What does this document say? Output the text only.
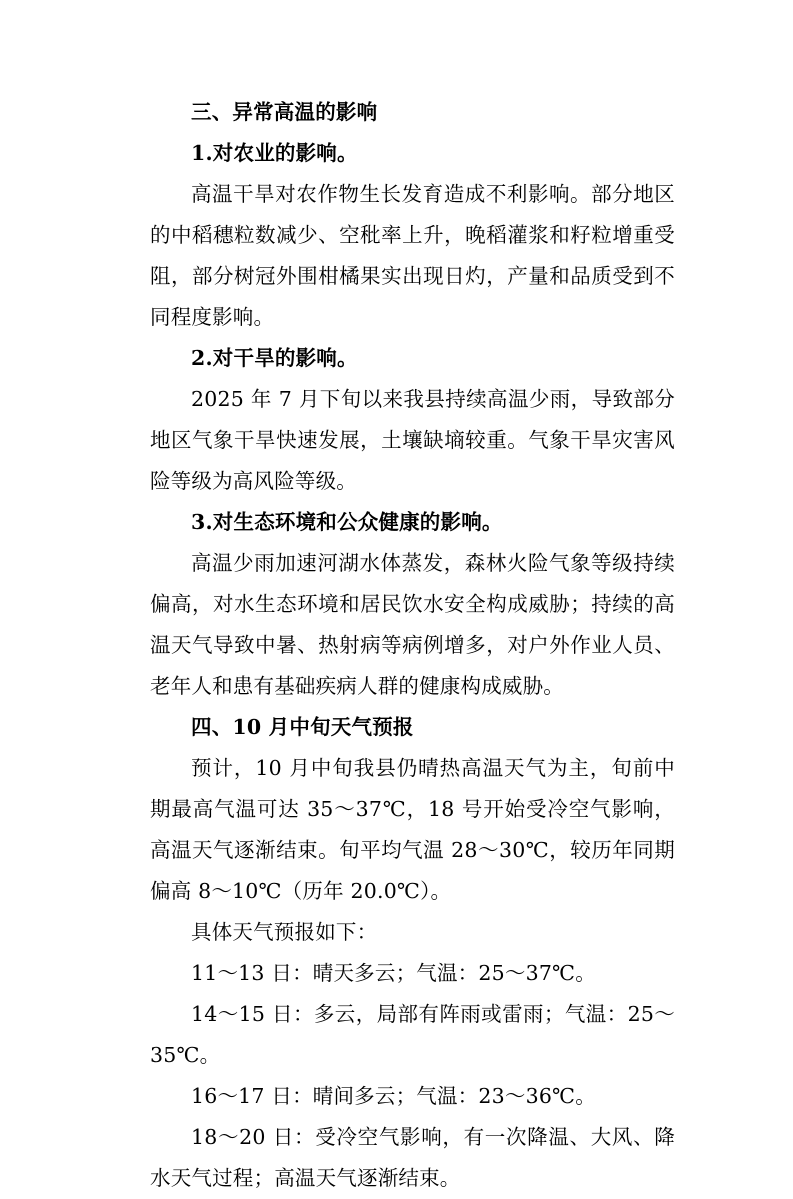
三、异常高温的影响

1.对农业的影响。

高温干旱对农作物生长发育造成不利影响。部分地区的中稻穗粒数减少、空秕率上升，晚稻灌浆和籽粒增重受阻，部分树冠外围柑橘果实出现日灼，产量和品质受到不同程度影响。

2.对干旱的影响。

2025 年 7 月下旬以来我县持续高温少雨，导致部分地区气象干旱快速发展，土壤缺墒较重。气象干旱灾害风险等级为高风险等级。

3.对生态环境和公众健康的影响。

高温少雨加速河湖水体蒸发，森林火险气象等级持续偏高，对水生态环境和居民饮水安全构成威胁；持续的高温天气导致中暑、热射病等病例增多，对户外作业人员、老年人和患有基础疾病人群的健康构成威胁。

四、10 月中旬天气预报

预计，10 月中旬我县仍晴热高温天气为主，旬前中期最高气温可达 35～37℃，18 号开始受冷空气影响，高温天气逐渐结束。旬平均气温 28～30℃，较历年同期偏高 8～10℃（历年 20.0℃）。

具体天气预报如下：

11～13 日：晴天多云；气温：25～37℃。

14～15 日：多云，局部有阵雨或雷雨；气温：25～35℃。

16～17 日：晴间多云；气温：23～36℃。

18～20 日：受冷空气影响，有一次降温、大风、降水天气过程；高温天气逐渐结束。
